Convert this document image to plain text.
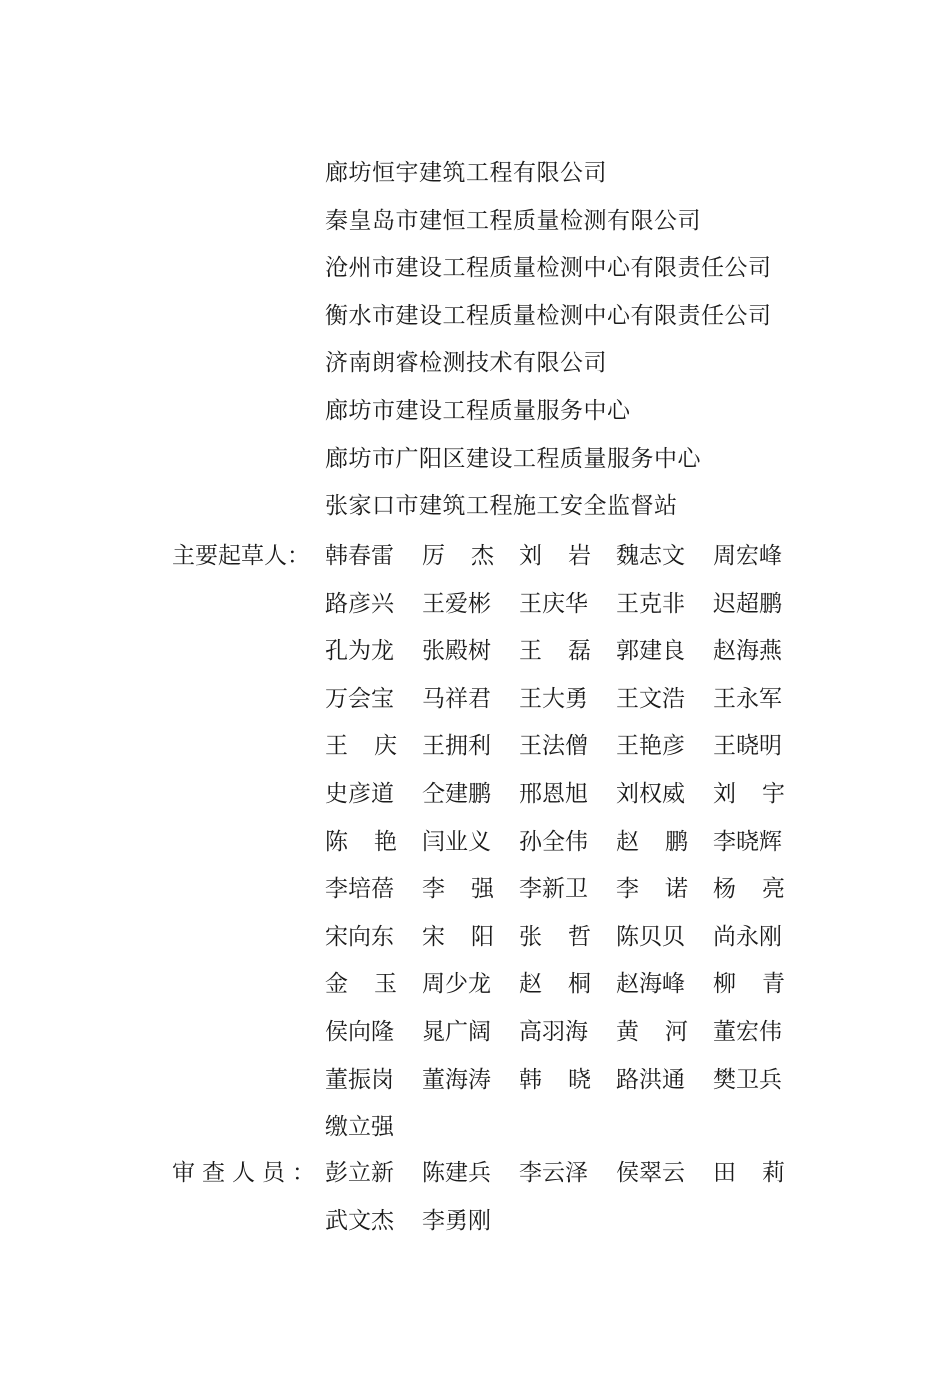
廊坊恒宇建筑工程有限公司
秦皇岛市建恒工程质量检测有限公司
沧州市建设工程质量检测中心有限责任公司
衡水市建设工程质量检测中心有限责任公司
济南朗睿检测技术有限公司
廊坊市建设工程质量服务中心
廊坊市广阳区建设工程质量服务中心
张家口市建筑工程施工安全监督站
主要起草人： 韩春雷 厉 杰 刘 岩 魏志文 周宏峰
路彦兴 王爱彬 王庆华 王克非 迟超鹏
孔为龙 张殿树 王 磊 郭建良 赵海燕
万会宝 马祥君 王大勇 王文浩 王永军
王 庆 王拥利 王法僧 王艳彦 王晓明
史彦道 仝建鹏 邢恩旭 刘权威 刘 宇
陈 艳 闫业义 孙全伟 赵 鹏 李晓辉
李培蓓 李 强 李新卫 李 诺 杨 亮
宋向东 宋 阳 张 哲 陈贝贝 尚永刚
金 玉 周少龙 赵 桐 赵海峰 柳 青
侯向隆 晁广阔 高羽海 黄 河 董宏伟
董振岗 董海涛 韩 晓 路洪通 樊卫兵
缴立强
审查人员： 彭立新 陈建兵 李云泽 侯翠云 田 莉
武文杰 李勇刚
